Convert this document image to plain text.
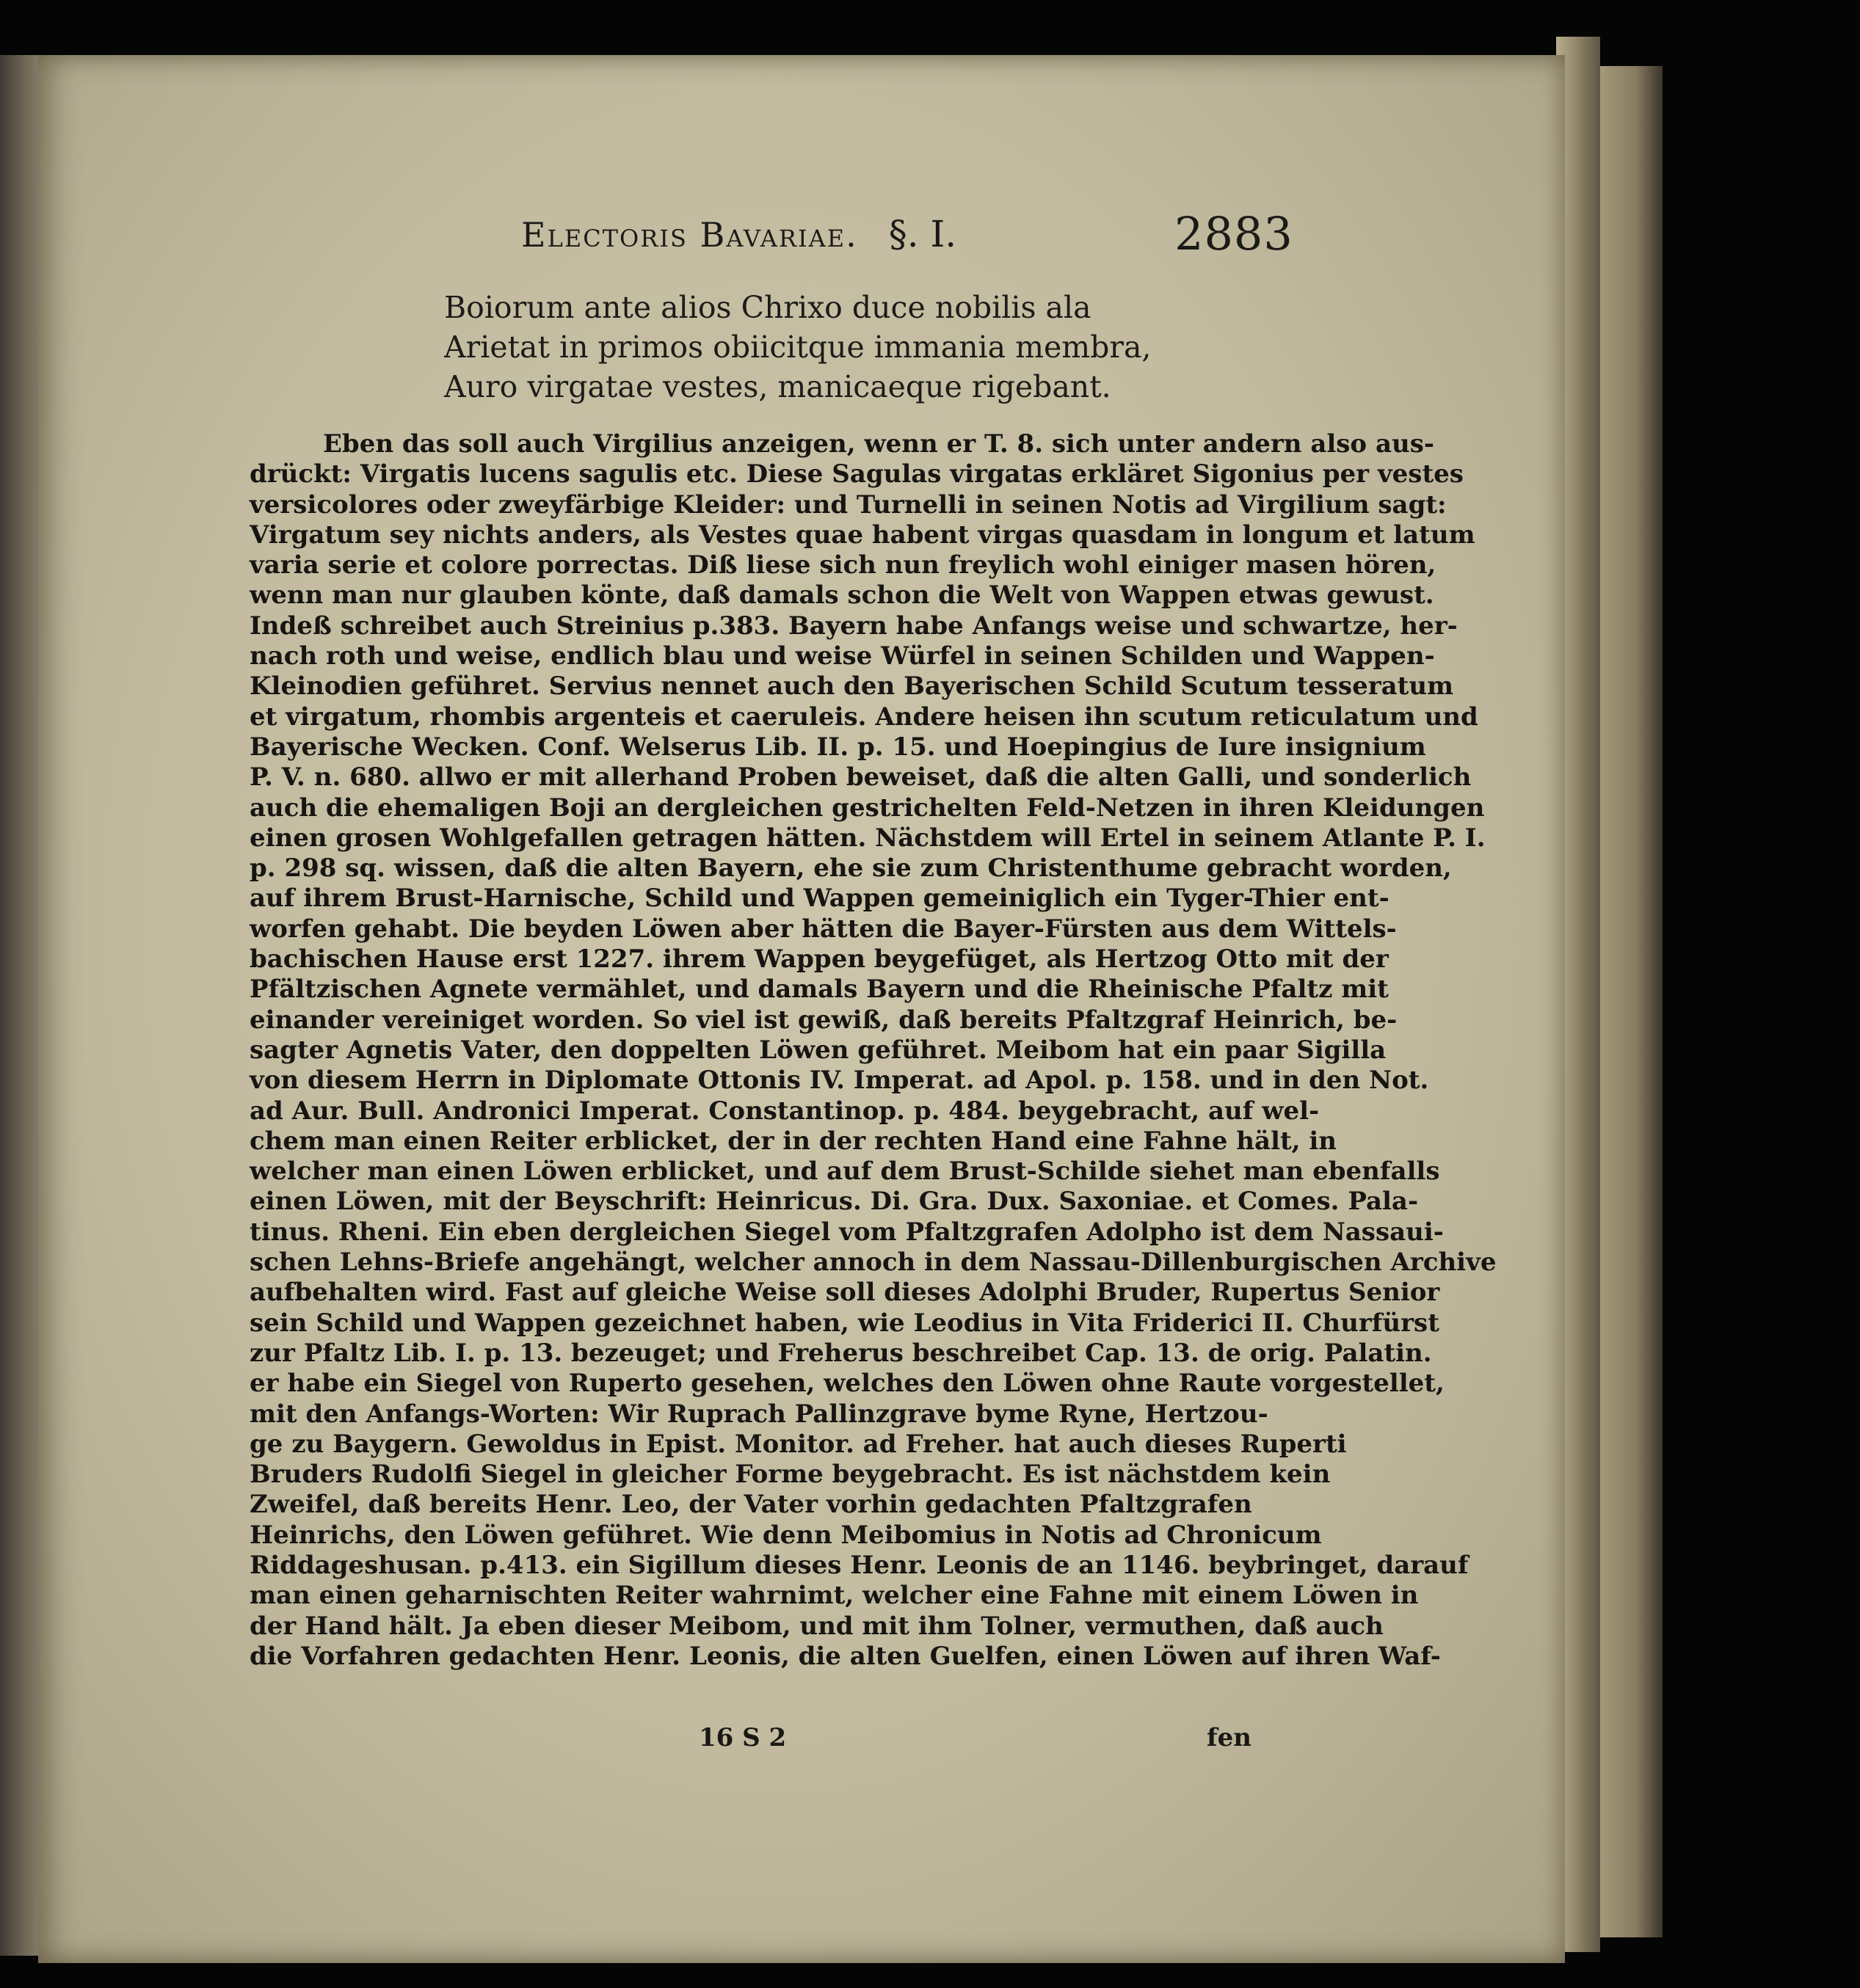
Electoris Bavariae. §. I.	2883
Boiorum ante alios Chrixo duce nobilis ala
Arietat in primos obiicitque immania membra,
Auro virgatae vestes, manicaeque rigebant.
Eben das soll auch Virgilius anzeigen, wenn er T. 8. sich unter andern also aus-
drückt: Virgatis lucens sagulis etc. Diese Sagulas virgatas erkläret Sigonius per vestes
versicolores oder zweyfärbige Kleider: und Turnelli in seinen Notis ad Virgilium sagt:
Virgatum sey nichts anders, als Vestes quae habent virgas quasdam in longum et latum
varia serie et colore porrectas. Diß liese sich nun freylich wohl einiger masen hören,
wenn man nur glauben könte, daß damals schon die Welt von Wappen etwas gewust.
Indeß schreibet auch Streinius p.383. Bayern habe Anfangs weise und schwartze, her-
nach roth und weise, endlich blau und weise Würfel in seinen Schilden und Wappen-
Kleinodien geführet. Servius nennet auch den Bayerischen Schild Scutum tesseratum
et virgatum, rhombis argenteis et caeruleis. Andere heisen ihn scutum reticulatum und
Bayerische Wecken. Conf. Welserus Lib. II. p. 15. und Hoepingius de Iure insignium
P. V. n. 680. allwo er mit allerhand Proben beweiset, daß die alten Galli, und sonderlich
auch die ehemaligen Boji an dergleichen gestrichelten Feld-Netzen in ihren Kleidungen
einen grosen Wohlgefallen getragen hätten. Nächstdem will Ertel in seinem Atlante P. I.
p. 298 sq. wissen, daß die alten Bayern, ehe sie zum Christenthume gebracht worden,
auf ihrem Brust-Harnische, Schild und Wappen gemeiniglich ein Tyger-Thier ent-
worfen gehabt. Die beyden Löwen aber hätten die Bayer-Fürsten aus dem Wittels-
bachischen Hause erst 1227. ihrem Wappen beygefüget, als Hertzog Otto mit der
Pfältzischen Agnete vermählet, und damals Bayern und die Rheinische Pfaltz mit
einander vereiniget worden. So viel ist gewiß, daß bereits Pfaltzgraf Heinrich, be-
sagter Agnetis Vater, den doppelten Löwen geführet. Meibom hat ein paar Sigilla
von diesem Herrn in Diplomate Ottonis IV. Imperat. ad Apol. p. 158. und in den Not.
ad Aur. Bull. Andronici Imperat. Constantinop. p. 484. beygebracht, auf wel-
chem man einen Reiter erblicket, der in der rechten Hand eine Fahne hält, in
welcher man einen Löwen erblicket, und auf dem Brust-Schilde siehet man ebenfalls
einen Löwen, mit der Beyschrift: Heinricus. Di. Gra. Dux. Saxoniae. et Comes. Pala-
tinus. Rheni. Ein eben dergleichen Siegel vom Pfaltzgrafen Adolpho ist dem Nassaui-
schen Lehns-Briefe angehängt, welcher annoch in dem Nassau-Dillenburgischen Archive
aufbehalten wird. Fast auf gleiche Weise soll dieses Adolphi Bruder, Rupertus Senior
sein Schild und Wappen gezeichnet haben, wie Leodius in Vita Friderici II. Churfürst
zur Pfaltz Lib. I. p. 13. bezeuget; und Freherus beschreibet Cap. 13. de orig. Palatin.
er habe ein Siegel von Ruperto gesehen, welches den Löwen ohne Raute vorgestellet,
mit den Anfangs-Worten: Wir Ruprach Pallinzgrave byme Ryne, Hertzou-
ge zu Baygern. Gewoldus in Epist. Monitor. ad Freher. hat auch dieses Ruperti
Bruders Rudolfi Siegel in gleicher Forme beygebracht. Es ist nächstdem kein
Zweifel, daß bereits Henr. Leo, der Vater vorhin gedachten Pfaltzgrafen
Heinrichs, den Löwen geführet. Wie denn Meibomius in Notis ad Chronicum
Riddageshusan. p.413. ein Sigillum dieses Henr. Leonis de an 1146. beybringet, darauf
man einen geharnischten Reiter wahrnimt, welcher eine Fahne mit einem Löwen in
der Hand hält. Ja eben dieser Meibom, und mit ihm Tolner, vermuthen, daß auch
die Vorfahren gedachten Henr. Leonis, die alten Guelfen, einen Löwen auf ihren Waf-
16 S 2	fen
